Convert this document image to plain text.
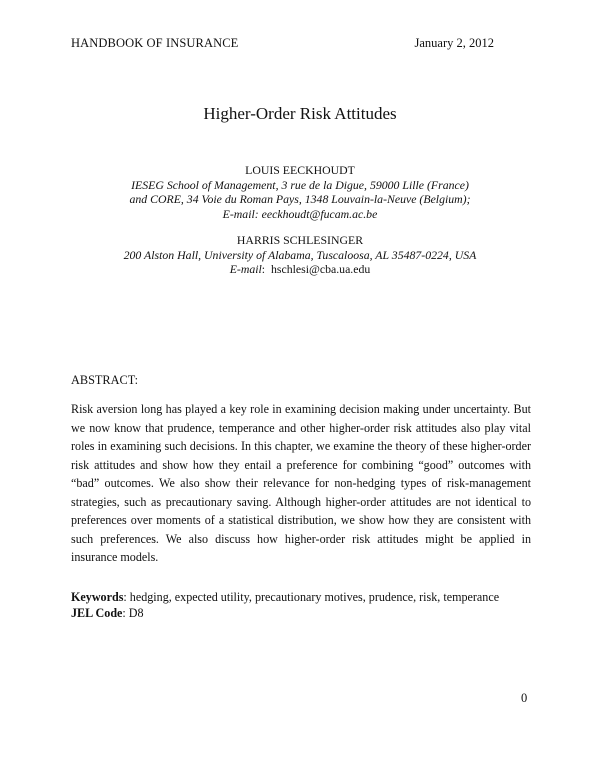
HANDBOOK OF INSURANCE	January 2, 2012
Higher-Order Risk Attitudes
LOUIS EECKHOUDT
IESEG School of Management, 3 rue de la Digue, 59000 Lille (France)
and CORE, 34 Voie du Roman Pays, 1348 Louvain-la-Neuve (Belgium);
E-mail: eeckhoudt@fucam.ac.be
HARRIS SCHLESINGER
200 Alston Hall, University of Alabama, Tuscaloosa, AL 35487-0224, USA
E-mail:  hschlesi@cba.ua.edu
ABSTRACT:
Risk aversion long has played a key role in examining decision making under uncertainty. But we now know that prudence, temperance and other higher-order risk attitudes also play vital roles in examining such decisions. In this chapter, we examine the theory of these higher-order risk attitudes and show how they entail a preference for combining “good” outcomes with “bad” outcomes. We also show their relevance for non-hedging types of risk-management strategies, such as precautionary saving. Although higher-order attitudes are not identical to preferences over moments of a statistical distribution, we show how they are consistent with such preferences. We also discuss how higher-order risk attitudes might be applied in insurance models.
Keywords: hedging, expected utility, precautionary motives, prudence, risk, temperance
JEL Code: D8
0
